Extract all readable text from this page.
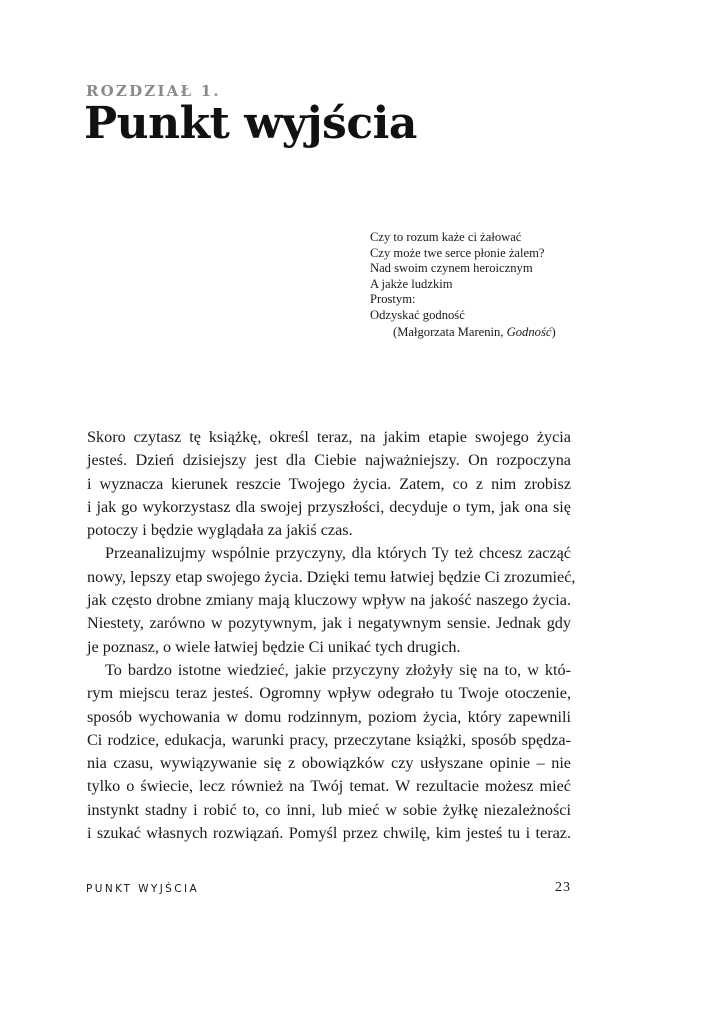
ROZDZIAŁ 1.
Punkt wyjścia
Czy to rozum każe ci żałować
Czy może twe serce płonie żalem?
Nad swoim czynem heroicznym
A jakże ludzkim
Prostym:
Odzyskać godność
(Małgorzata Marenin, Godność)
Skoro czytasz tę książkę, określ teraz, na jakim etapie swojego życia
jesteś. Dzień dzisiejszy jest dla Ciebie najważniejszy. On rozpoczyna
i wyznacza kierunek reszcie Twojego życia. Zatem, co z nim zrobisz
i jak go wykorzystasz dla swojej przyszłości, decyduje o tym, jak ona się
potoczy i będzie wyglądała za jakiś czas.
Przeanalizujmy wspólnie przyczyny, dla których Ty też chcesz zacząć
nowy, lepszy etap swojego życia. Dzięki temu łatwiej będzie Ci zrozumieć,
jak często drobne zmiany mają kluczowy wpływ na jakość naszego życia.
Niestety, zarówno w pozytywnym, jak i negatywnym sensie. Jednak gdy
je poznasz, o wiele łatwiej będzie Ci unikać tych drugich.
To bardzo istotne wiedzieć, jakie przyczyny złożyły się na to, w któ-
rym miejscu teraz jesteś. Ogromny wpływ odegrało tu Twoje otoczenie,
sposób wychowania w domu rodzinnym, poziom życia, który zapewnili
Ci rodzice, edukacja, warunki pracy, przeczytane książki, sposób spędza-
nia czasu, wywiązywanie się z obowiązków czy usłyszane opinie – nie
tylko o świecie, lecz również na Twój temat. W rezultacie możesz mieć
instynkt stadny i robić to, co inni, lub mieć w sobie żyłkę niezależności
i szukać własnych rozwiązań. Pomyśl przez chwilę, kim jesteś tu i teraz.
PUNKT WYJŚCIA	23
